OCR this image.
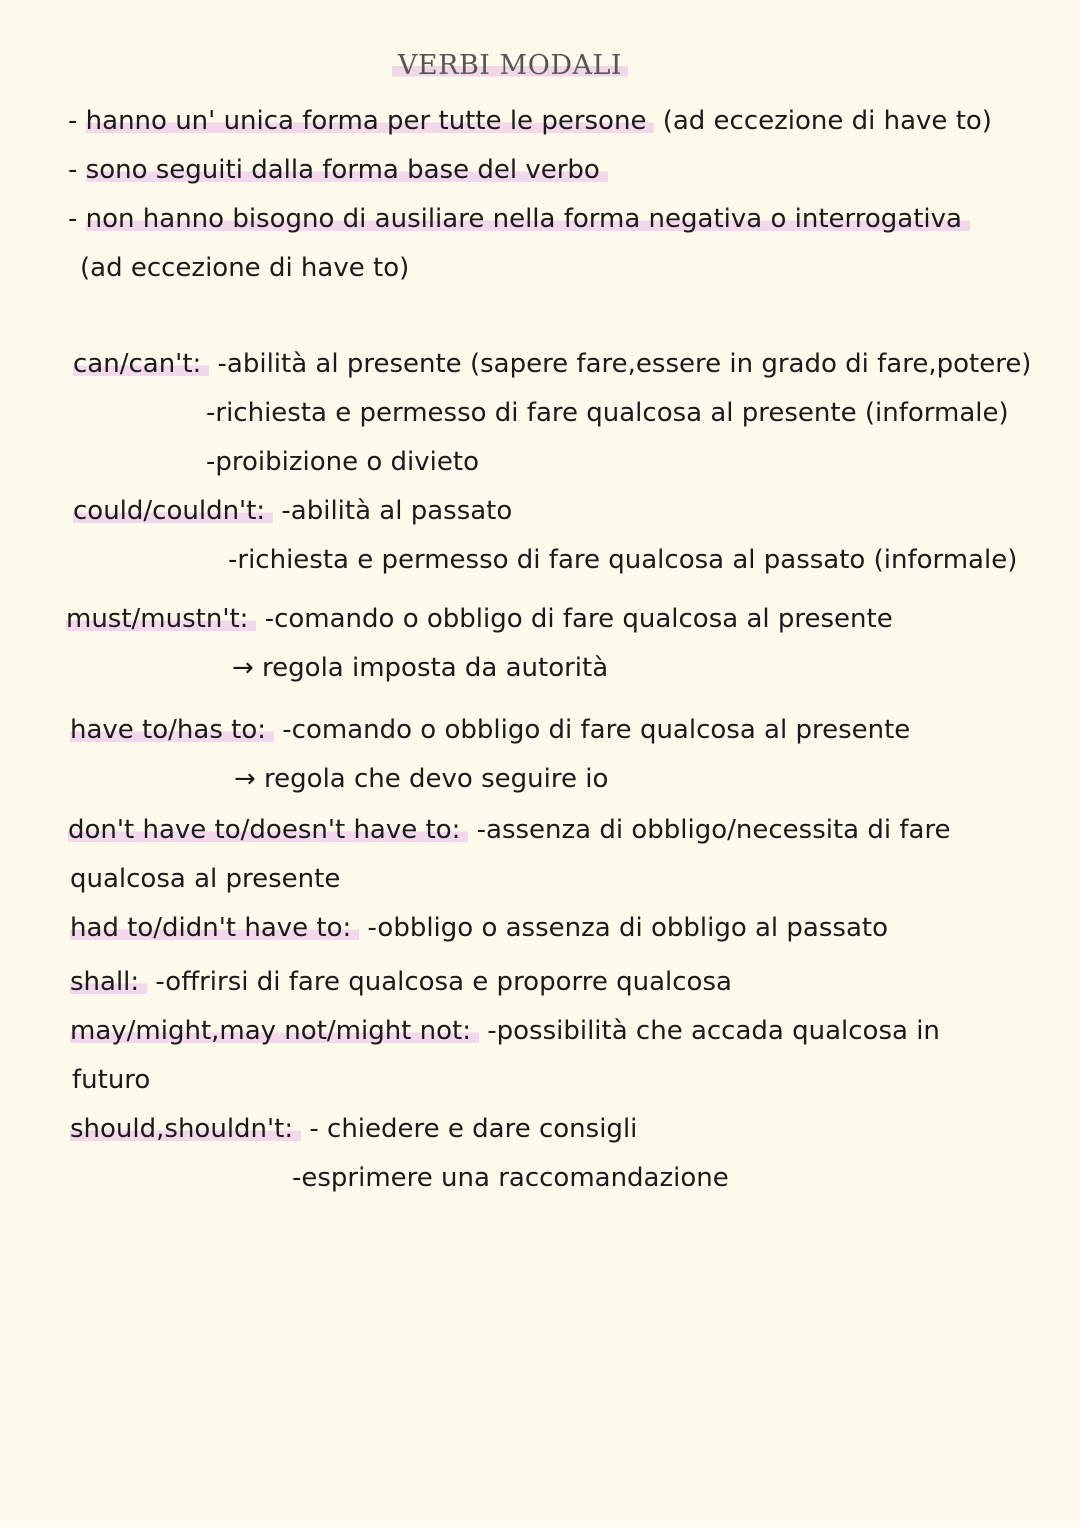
VERBI MODALI
- hanno un' unica forma per tutte le persone (ad eccezione di have to)
- sono seguiti dalla forma base del verbo
- non hanno bisogno di ausiliare nella forma negativa o interrogativa
(ad eccezione di have to)
can/can't: -abilità al presente (sapere fare,essere in grado di fare,potere)
-richiesta e permesso di fare qualcosa al presente (informale)
-proibizione o divieto
could/couldn't: -abilità al passato
-richiesta e permesso di fare qualcosa al passato (informale)
must/mustn't: -comando o obbligo di fare qualcosa al presente
→ regola imposta da autorità
have to/has to: -comando o obbligo di fare qualcosa al presente
→ regola che devo seguire io
don't have to/doesn't have to: -assenza di obbligo/necessita di fare
qualcosa al presente
had to/didn't have to: -obbligo o assenza di obbligo al passato
shall: -offrirsi di fare qualcosa e proporre qualcosa
may/might,may not/might not: -possibilità che accada qualcosa in
futuro
should,shouldn't: - chiedere e dare consigli
-esprimere una raccomandazione
